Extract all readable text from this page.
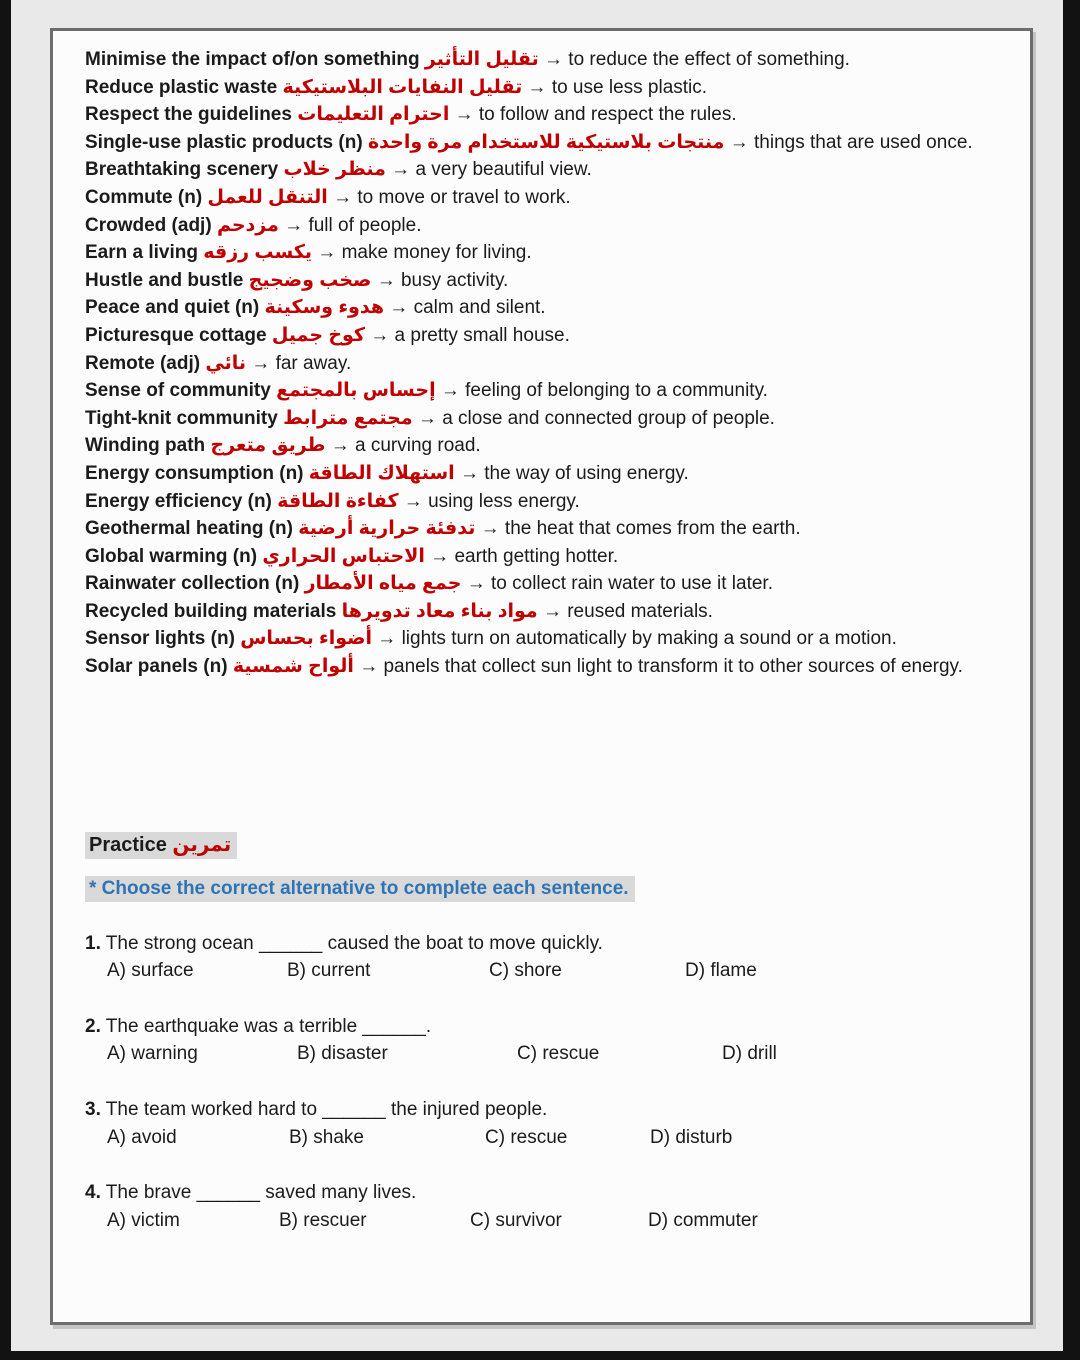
Minimise the impact of/on something تقليل التأثير → to reduce the effect of something.

Reduce plastic waste تقليل النفايات البلاستيكية → to use less plastic.

Respect the guidelines احترام التعليمات → to follow and respect the rules.

Single-use plastic products (n) منتجات بلاستيكية للاستخدام مرة واحدة → things that are used once.

Breathtaking scenery منظر خلاب → a very beautiful view.

Commute (n) التنقل للعمل → to move or travel to work.

Crowded (adj) مزدحم → full of people.

Earn a living يكسب رزقه → make money for living.

Hustle and bustle صخب وضجيج → busy activity.

Peace and quiet (n) هدوء وسكينة → calm and silent.

Picturesque cottage كوخ جميل → a pretty small house.

Remote (adj) نائي → far away.

Sense of community إحساس بالمجتمع → feeling of belonging to a community.

Tight-knit community مجتمع مترابط → a close and connected group of people.

Winding path طريق متعرج → a curving road.

Energy consumption (n) استهلاك الطاقة → the way of using energy.

Energy efficiency (n) كفاءة الطاقة → using less energy.

Geothermal heating (n) تدفئة حرارية أرضية → the heat that comes from the earth.

Global warming (n) الاحتباس الحراري → earth getting hotter.

Rainwater collection (n) جمع مياه الأمطار → to collect rain water to use it later.

Recycled building materials مواد بناء معاد تدويرها → reused materials.

Sensor lights (n) أضواء بحساس → lights turn on automatically by making a sound or a motion.

Solar panels (n) ألواح شمسية → panels that collect sun light to transform it to other sources of energy.

Practice تمرين
* Choose the correct alternative to complete each sentence.

1. The strong ocean ______ caused the boat to move quickly.

A) surface	B) current	C) shore	D) flame

2. The earthquake was a terrible ______.

A) warning	B) disaster	C) rescue	D) drill

3. The team worked hard to ______ the injured people.

A) avoid	B) shake	C) rescue	D) disturb

4. The brave ______ saved many lives.

A) victim	B) rescuer	C) survivor	D) commuter
